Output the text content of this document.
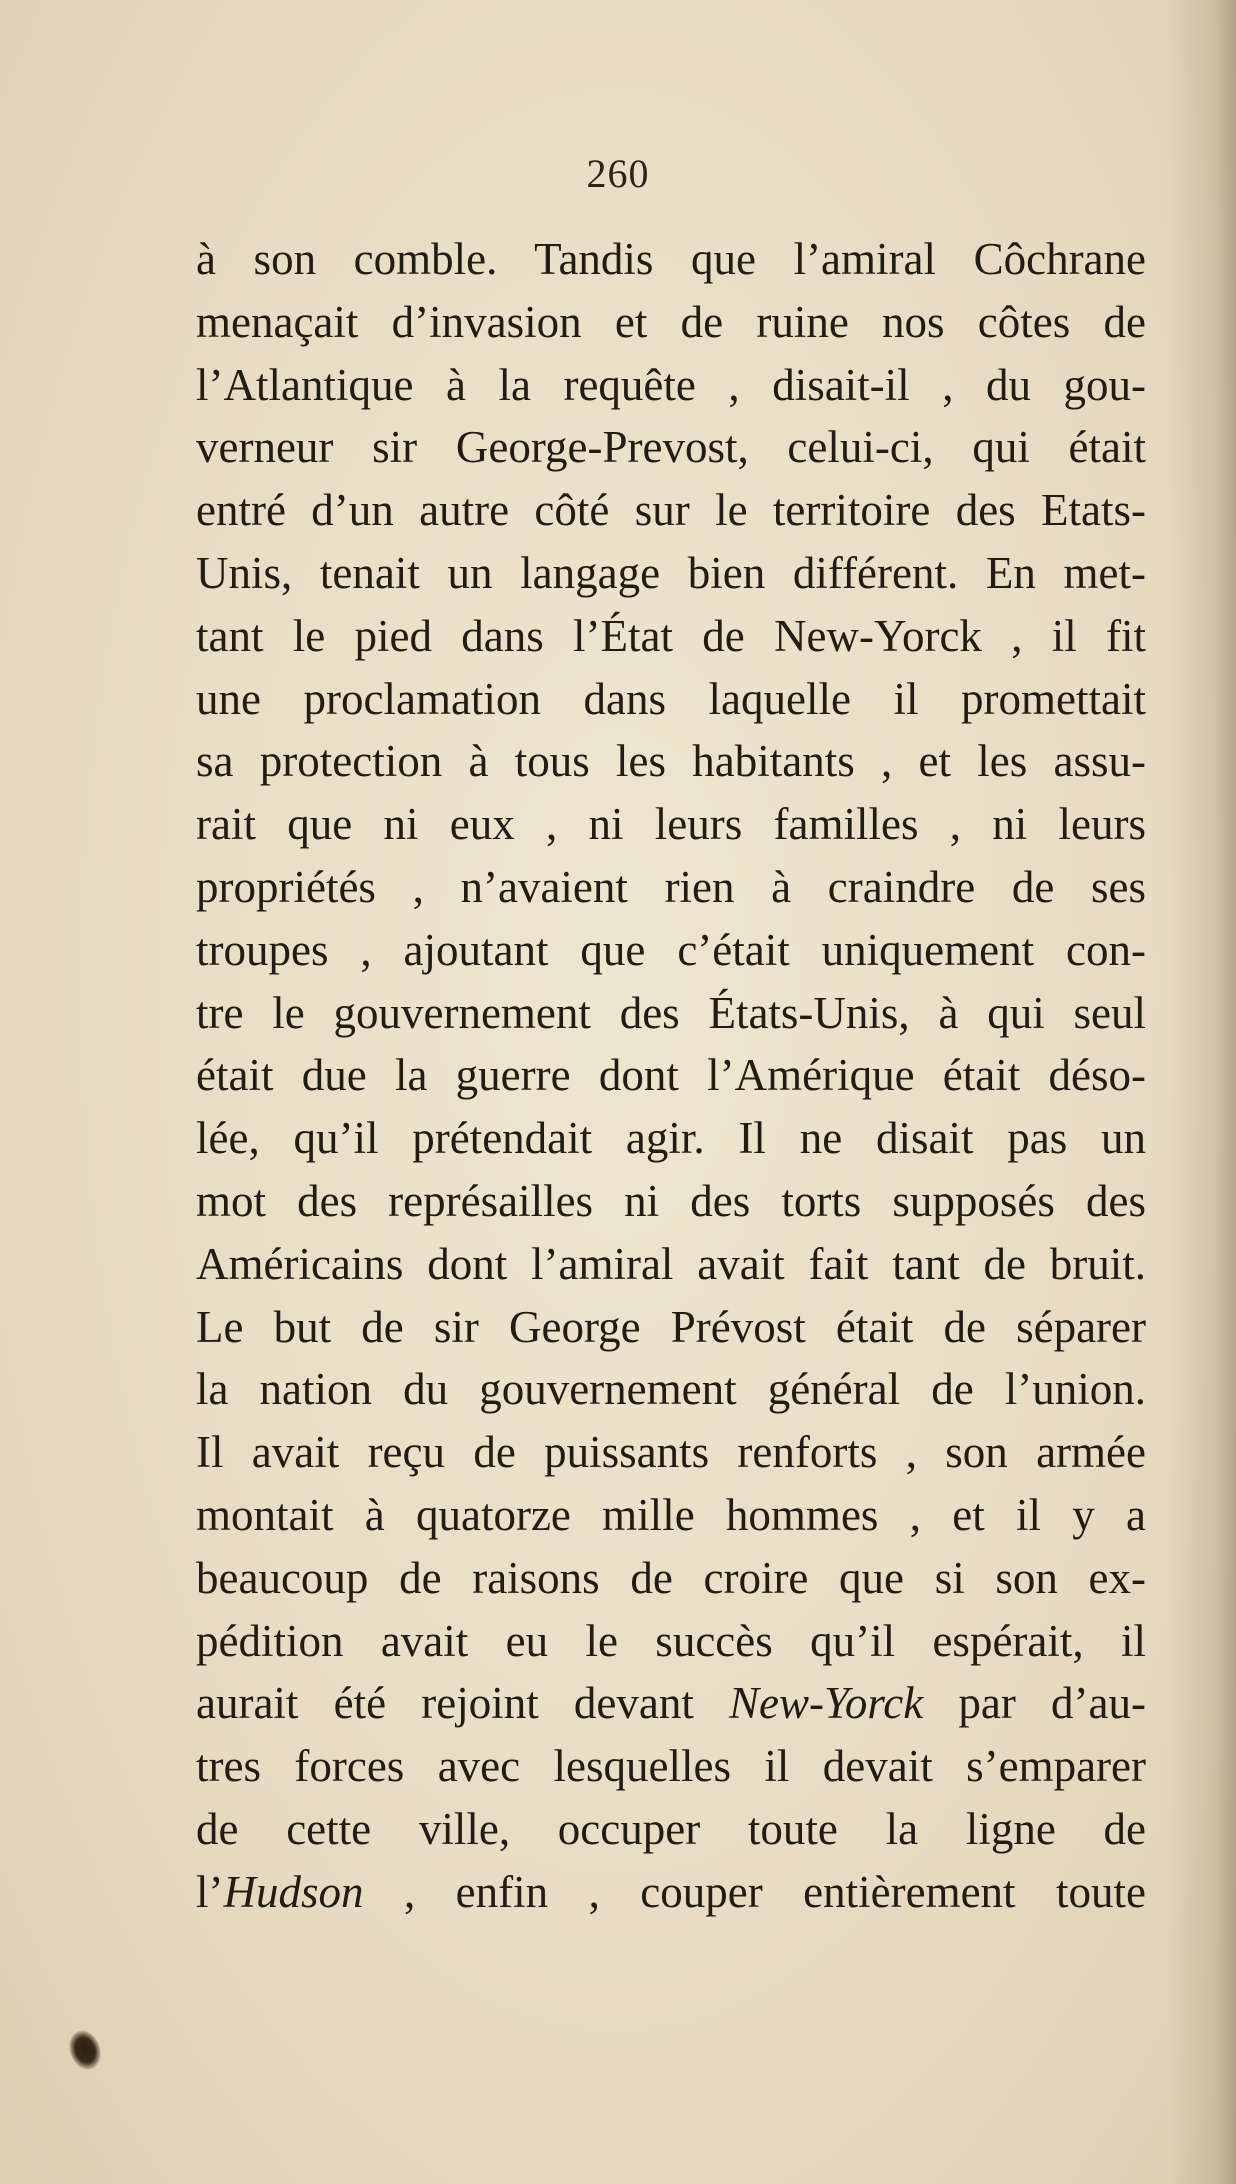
260
à son comble. Tandis que l’amiral Côchrane
menaçait d’invasion et de ruine nos côtes de
l’Atlantique à la requête , disait-il , du gou-
verneur sir George-Prevost, celui-ci, qui était
entré d’un autre côté sur le territoire des Etats-
Unis, tenait un langage bien différent. En met-
tant le pied dans l’État de New-Yorck , il fit
une proclamation dans laquelle il promettait
sa protection à tous les habitants , et les assu-
rait que ni eux , ni leurs familles , ni leurs
propriétés , n’avaient rien à craindre de ses
troupes , ajoutant que c’était uniquement con-
tre le gouvernement des États-Unis, à qui seul
était due la guerre dont l’Amérique était déso-
lée, qu’il prétendait agir. Il ne disait pas un
mot des représailles ni des torts supposés des
Américains dont l’amiral avait fait tant de bruit.
Le but de sir George Prévost était de séparer
la nation du gouvernement général de l’union.
Il avait reçu de puissants renforts , son armée
montait à quatorze mille hommes , et il y a
beaucoup de raisons de croire que si son ex-
pédition avait eu le succès qu’il espérait, il
aurait été rejoint devant New-Yorck par d’au-
tres forces avec lesquelles il devait s’emparer
de cette ville, occuper toute la ligne de
l’Hudson , enfin , couper entièrement toute
